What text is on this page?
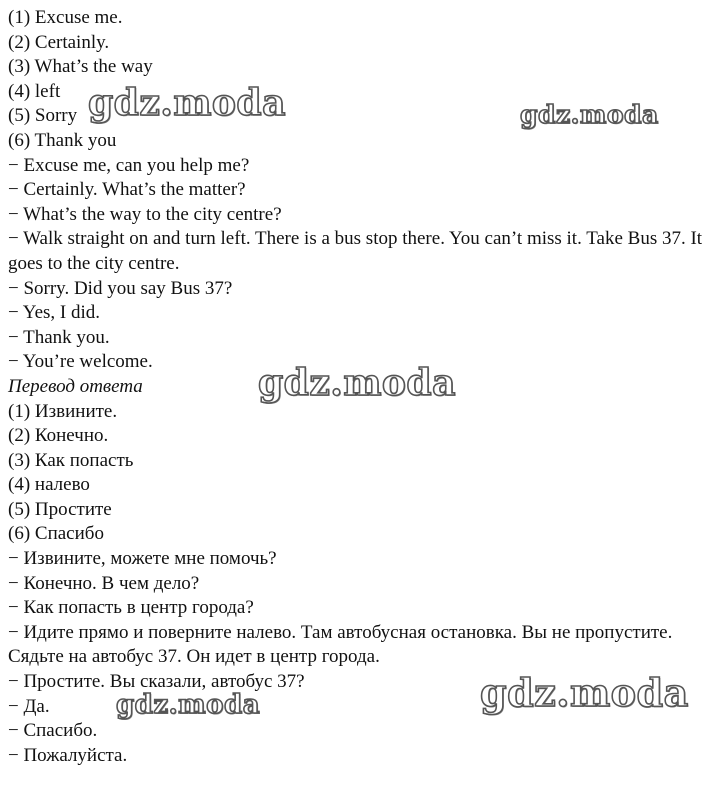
(1) Excuse me.
(2) Certainly.
(3) What’s the way
(4) left
(5) Sorry
(6) Thank you
− Excuse me, can you help me?
− Certainly. What’s the matter?
− What’s the way to the city centre?
− Walk straight on and turn left. There is a bus stop there. You can’t miss it. Take Bus 37. It goes to the city centre.
− Sorry. Did you say Bus 37?
− Yes, I did.
− Thank you.
− You’re welcome.
Перевод ответа
(1) Извините.
(2) Конечно.
(3) Как попасть
(4) налево
(5) Простите
(6) Спасибо
− Извините, можете мне помочь?
− Конечно. В чем дело?
− Как попасть в центр города?
− Идите прямо и поверните налево. Там автобусная остановка. Вы не пропустите. Сядьте на автобус 37. Он идет в центр города.
− Простите. Вы сказали, автобус 37?
− Да.
− Спасибо.
− Пожалуйста.
gdz.moda	gdz.moda
gdz.moda
gdz.moda
gdz.moda
